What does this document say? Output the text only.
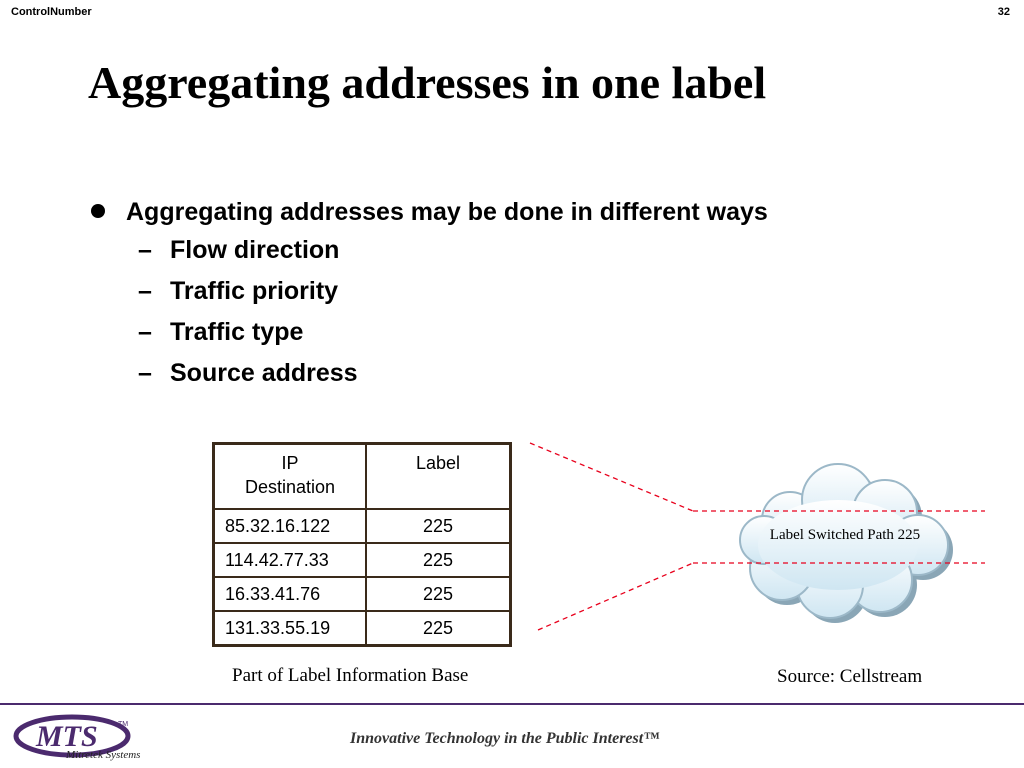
ControlNumber	32
Aggregating addresses in one label
Aggregating addresses may be done in different ways
– Flow direction
– Traffic priority
– Traffic type
– Source address
Label Switched Path 225
IP
Destination	Label
85.32.16.122	225
114.42.77.33	225
16.33.41.76	225
131.33.55.19	225
Part of Label Information Base	Source: Cellstream
MTS	TM
Mitretek Systems
Innovative Technology in the Public Interest™
